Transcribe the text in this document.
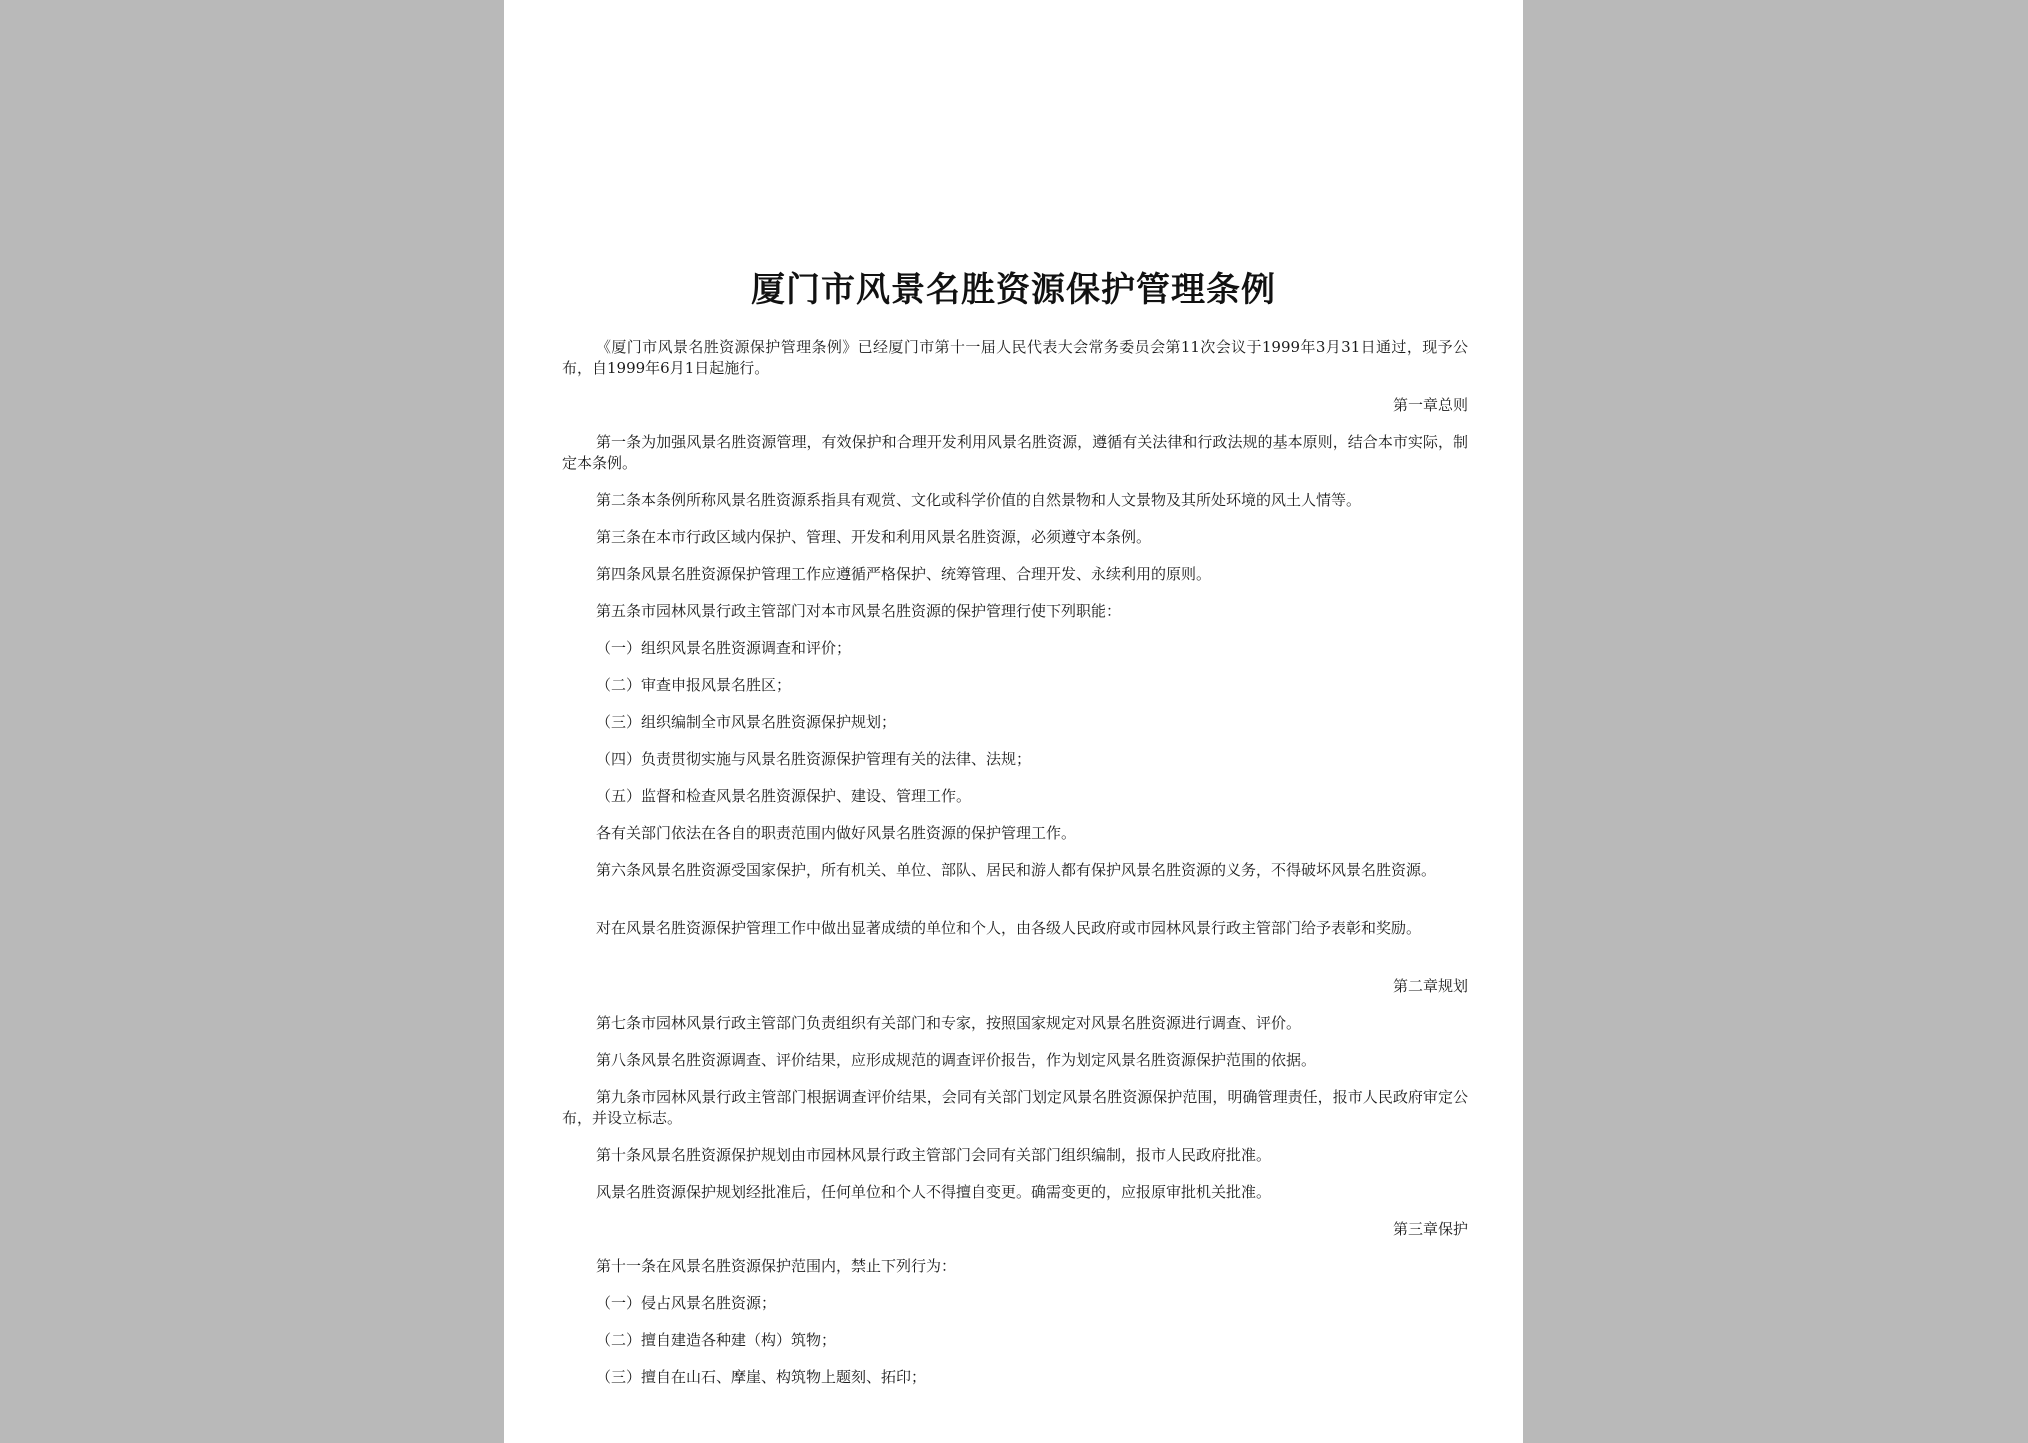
厦门市风景名胜资源保护管理条例

《厦门市风景名胜资源保护管理条例》已经厦门市第十一届人民代表大会常务委员会第11次会议于1999年3月31日通过，现予公布，自1999年6月1日起施行。

第一章总则

第一条为加强风景名胜资源管理，有效保护和合理开发利用风景名胜资源，遵循有关法律和行政法规的基本原则，结合本市实际，制定本条例。

第二条本条例所称风景名胜资源系指具有观赏、文化或科学价值的自然景物和人文景物及其所处环境的风土人情等。

第三条在本市行政区域内保护、管理、开发和利用风景名胜资源，必须遵守本条例。

第四条风景名胜资源保护管理工作应遵循严格保护、统筹管理、合理开发、永续利用的原则。

第五条市园林风景行政主管部门对本市风景名胜资源的保护管理行使下列职能：

（一）组织风景名胜资源调查和评价；

（二）审查申报风景名胜区；

（三）组织编制全市风景名胜资源保护规划；

（四）负责贯彻实施与风景名胜资源保护管理有关的法律、法规；

（五）监督和检查风景名胜资源保护、建设、管理工作。

各有关部门依法在各自的职责范围内做好风景名胜资源的保护管理工作。

第六条风景名胜资源受国家保护，所有机关、单位、部队、居民和游人都有保护风景名胜资源的义务，不得破坏风景名胜资源。

对在风景名胜资源保护管理工作中做出显著成绩的单位和个人，由各级人民政府或市园林风景行政主管部门给予表彰和奖励。

第二章规划

第七条市园林风景行政主管部门负责组织有关部门和专家，按照国家规定对风景名胜资源进行调查、评价。

第八条风景名胜资源调查、评价结果，应形成规范的调查评价报告，作为划定风景名胜资源保护范围的依据。

第九条市园林风景行政主管部门根据调查评价结果，会同有关部门划定风景名胜资源保护范围，明确管理责任，报市人民政府审定公布，并设立标志。

第十条风景名胜资源保护规划由市园林风景行政主管部门会同有关部门组织编制，报市人民政府批准。

风景名胜资源保护规划经批准后，任何单位和个人不得擅自变更。确需变更的，应报原审批机关批准。

第三章保护

第十一条在风景名胜资源保护范围内，禁止下列行为：

（一）侵占风景名胜资源；

（二）擅自建造各种建（构）筑物；

（三）擅自在山石、摩崖、构筑物上题刻、拓印；
